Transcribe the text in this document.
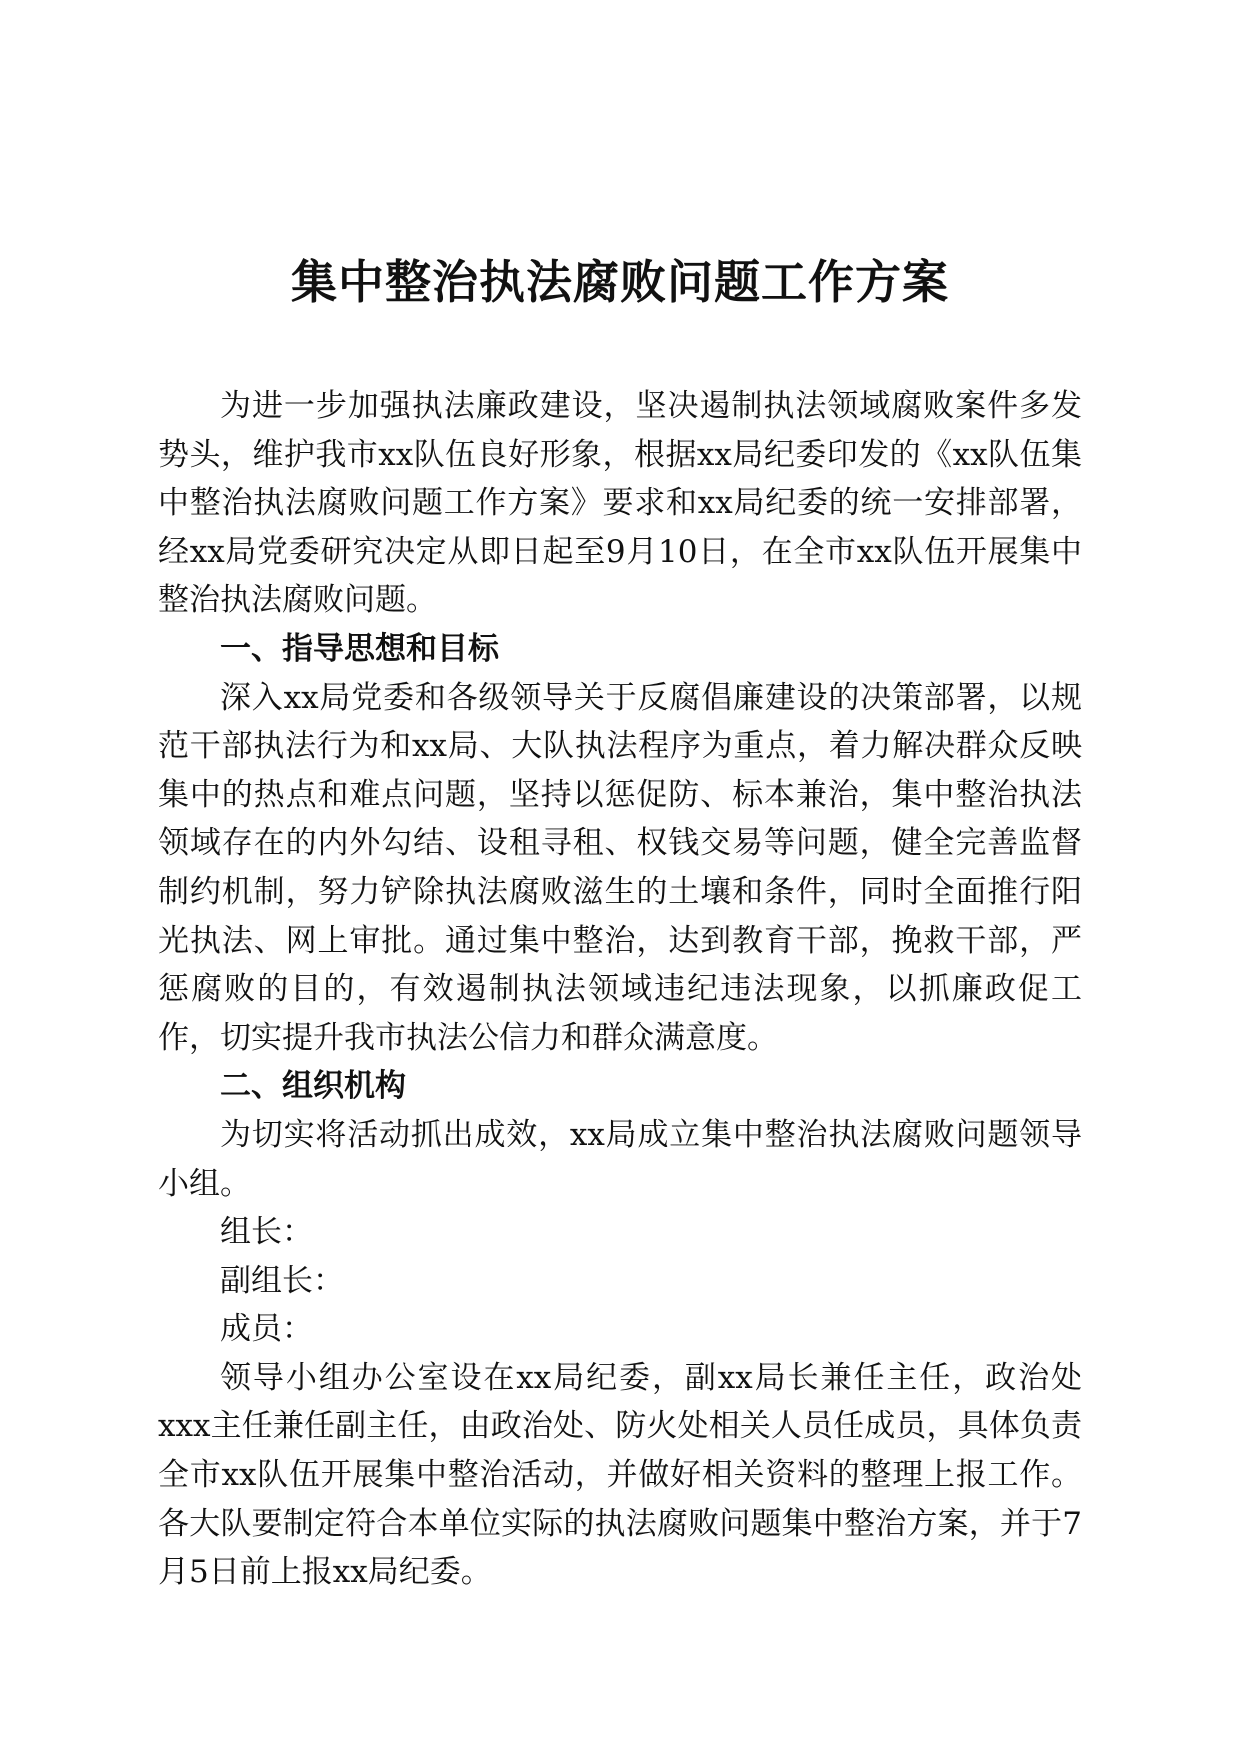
集中整治执法腐败问题工作方案

为进一步加强执法廉政建设，坚决遏制执法领域腐败案件多发势头，维护我市xx队伍良好形象，根据xx局纪委印发的《xx队伍集中整治执法腐败问题工作方案》要求和xx局纪委的统一安排部署，经xx局党委研究决定从即日起至9月10日，在全市xx队伍开展集中整治执法腐败问题。

一、指导思想和目标

深入xx局党委和各级领导关于反腐倡廉建设的决策部署，以规范干部执法行为和xx局、大队执法程序为重点，着力解决群众反映集中的热点和难点问题，坚持以惩促防、标本兼治，集中整治执法领域存在的内外勾结、设租寻租、权钱交易等问题，健全完善监督制约机制，努力铲除执法腐败滋生的土壤和条件，同时全面推行阳光执法、网上审批。通过集中整治，达到教育干部，挽救干部，严惩腐败的目的，有效遏制执法领域违纪违法现象，以抓廉政促工作，切实提升我市执法公信力和群众满意度。

二、组织机构

为切实将活动抓出成效，xx局成立集中整治执法腐败问题领导小组。

组长：

副组长：

成员：

领导小组办公室设在xx局纪委，副xx局长兼任主任，政治处xxx主任兼任副主任，由政治处、防火处相关人员任成员，具体负责全市xx队伍开展集中整治活动，并做好相关资料的整理上报工作。各大队要制定符合本单位实际的执法腐败问题集中整治方案，并于7月5日前上报xx局纪委。
